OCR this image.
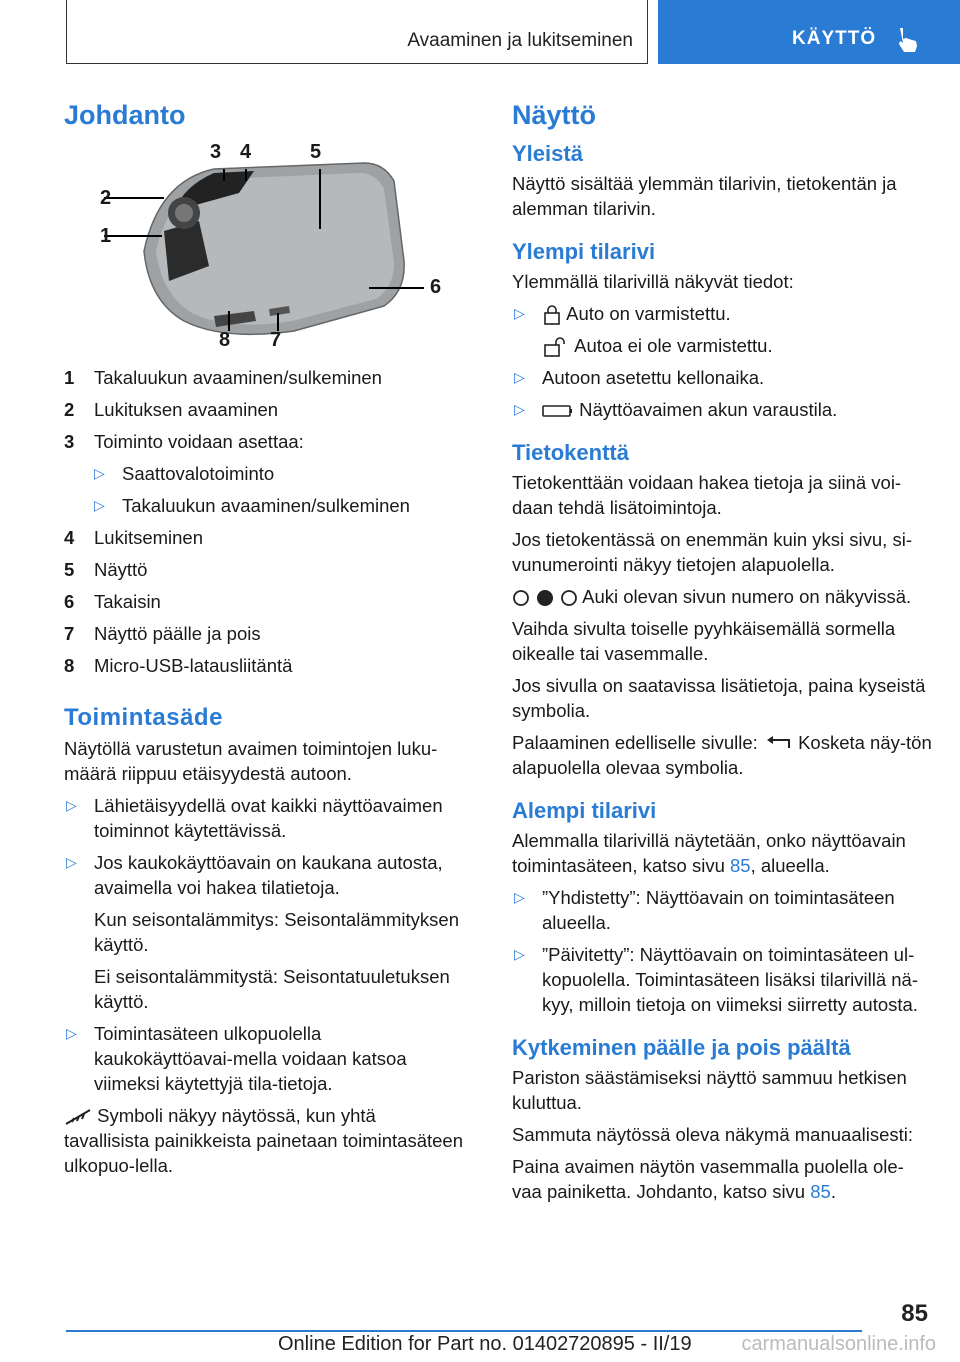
Avaaminen ja lukitseminen	KÄYTTÖ
Johdanto
3 4	5
2
1
6
8 7
1 Takaluukun avaaminen/sulkeminen
2 Lukituksen avaaminen
3 Toiminto voidaan asettaa:
▷ Saattovalotoiminto
▷ Takaluukun avaaminen/sulkeminen
4 Lukitseminen
5 Näyttö
6 Takaisin
7 Näyttö päälle ja pois
8 Micro-USB-latausliitäntä
Toimintasäde

Näytöllä varustetun avaimen toimintojen luku-määrä riippuu etäisyydestä autoon.

▷ Lähietäisyydellä ovat kaikki näyttöavaimen toiminnot käytettävissä.
▷ Jos kaukokäyttöavain on kaukana autosta, avaimella voi hakea tilatietoja.

Kun seisontalämmitys: Seisontalämmityksen käyttö.

Ei seisontalämmitystä: Seisontatuuletuksen käyttö.

▷ Toimintasäteen ulkopuolella kaukokäyttöavai-mella voidaan katsoa viimeksi käytettyjä tila-tietoja.

Symboli näkyy näytössä, kun yhtä tavallisista painikkeista painetaan toimintasäteen ulkopuo-lella.

Näyttö
Yleistä

Näyttö sisältää ylemmän tilarivin, tietokentän ja alemman tilarivin.

Ylempi tilarivi

Ylemmällä tilarivillä näkyvät tiedot:

▷ Auto on varmistettu.

Autoa ei ole varmistettu.

▷ Autoon asetettu kellonaika.
▷	Näyttöavaimen akun varaustila.
Tietokenttä

Tietokenttään voidaan hakea tietoja ja siinä voi-daan tehdä lisätoimintoja.

Jos tietokentässä on enemmän kuin yksi sivu, si-vunumerointi näkyy tietojen alapuolella.

Auki olevan sivun numero on näkyvissä.

Vaihda sivulta toiselle pyyhkäisemällä sormella oikealle tai vasemmalle.

Jos sivulla on saatavissa lisätietoja, paina kyseistä symbolia.

Palaaminen edelliselle sivulle: Kosketa näy-tön alapuolella olevaa symbolia.

Alempi tilarivi

Alemmalla tilarivillä näytetään, onko näyttöavain toimintasäteen, katso sivu 85, alueella.

▷ ”Yhdistetty”: Näyttöavain on toimintasäteen alueella.
▷ ”Päivitetty”: Näyttöavain on toimintasäteen ul-kopuolella. Toimintasäteen lisäksi tilarivillä nä-kyy, milloin tietoja on viimeksi siirretty autosta.
Kytkeminen päälle ja pois päältä

Pariston säästämiseksi näyttö sammuu hetkisen kuluttua.

Sammuta näytössä oleva näkymä manuaalisesti:

Paina avaimen näytön vasemmalla puolella ole-vaa painiketta. Johdanto, katso sivu 85.

85
Online Edition for Part no. 01402720895 - II/19 carmanualsonline.info
